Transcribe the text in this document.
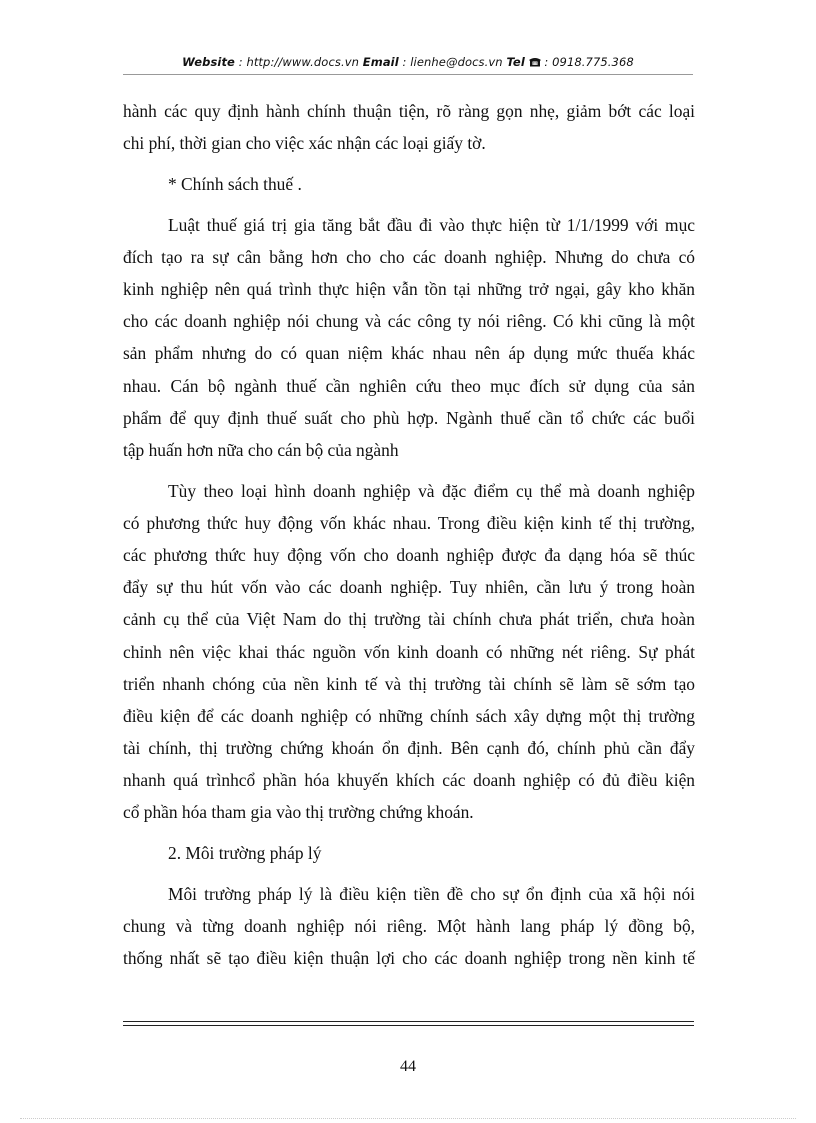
Website : http://www.docs.vn Email : lienhe@docs.vn Tel : 0918.775.368
hành các quy định hành chính thuận tiện, rõ ràng gọn nhẹ, giảm bớt các loại
chi phí, thời gian cho việc xác nhận các loại giấy tờ.
* Chính sách thuế .
Luật thuế giá trị gia tăng bắt đầu đi vào thực hiện từ 1/1/1999 với mục
đích tạo ra sự cân bằng hơn cho cho các doanh nghiệp. Nhưng do chưa có
kinh nghiệp nên quá trình thực hiện vẫn tồn tại những trở ngại, gây kho khăn
cho các doanh nghiệp nói chung và các công ty nói riêng. Có khi cũng là một
sản phẩm nhưng do có quan niệm khác nhau nên áp dụng mức thuếa khác
nhau. Cán bộ ngành thuế cần nghiên cứu theo mục đích sử dụng của sản
phẩm để quy định thuế suất cho phù hợp. Ngành thuế cần tổ chức các buổi
tập huấn hơn nữa cho cán bộ của ngành
Tùy theo loại hình doanh nghiệp và đặc điểm cụ thể mà doanh nghiệp
có phương thức huy động vốn khác nhau. Trong điều kiện kinh tế thị trường,
các phương thức huy động vốn cho doanh nghiệp được đa dạng hóa sẽ thúc
đẩy sự thu hút vốn vào các doanh nghiệp. Tuy nhiên, cần lưu ý trong hoàn
cảnh cụ thể của Việt Nam do thị trường tài chính chưa phát triển, chưa hoàn
chỉnh nên việc khai thác nguồn vốn kinh doanh có những nét riêng. Sự phát
triển nhanh chóng của nền kinh tế và thị trường tài chính sẽ làm sẽ sớm tạo
điều kiện để các doanh nghiệp có những chính sách xây dựng một thị trường
tài chính, thị trường chứng khoán ổn định. Bên cạnh đó, chính phủ cần đẩy
nhanh quá trìnhcổ phần hóa khuyến khích các doanh nghiệp có đủ điều kiện
cổ phần hóa tham gia vào thị trường chứng khoán.
2. Môi trường pháp lý
Môi trường pháp lý là điều kiện tiền đề cho sự ổn định của xã hội nói
chung và từng doanh nghiệp nói riêng. Một hành lang pháp lý đồng bộ,
thống nhất sẽ tạo điều kiện thuận lợi cho các doanh nghiệp trong nền kinh tế
44
